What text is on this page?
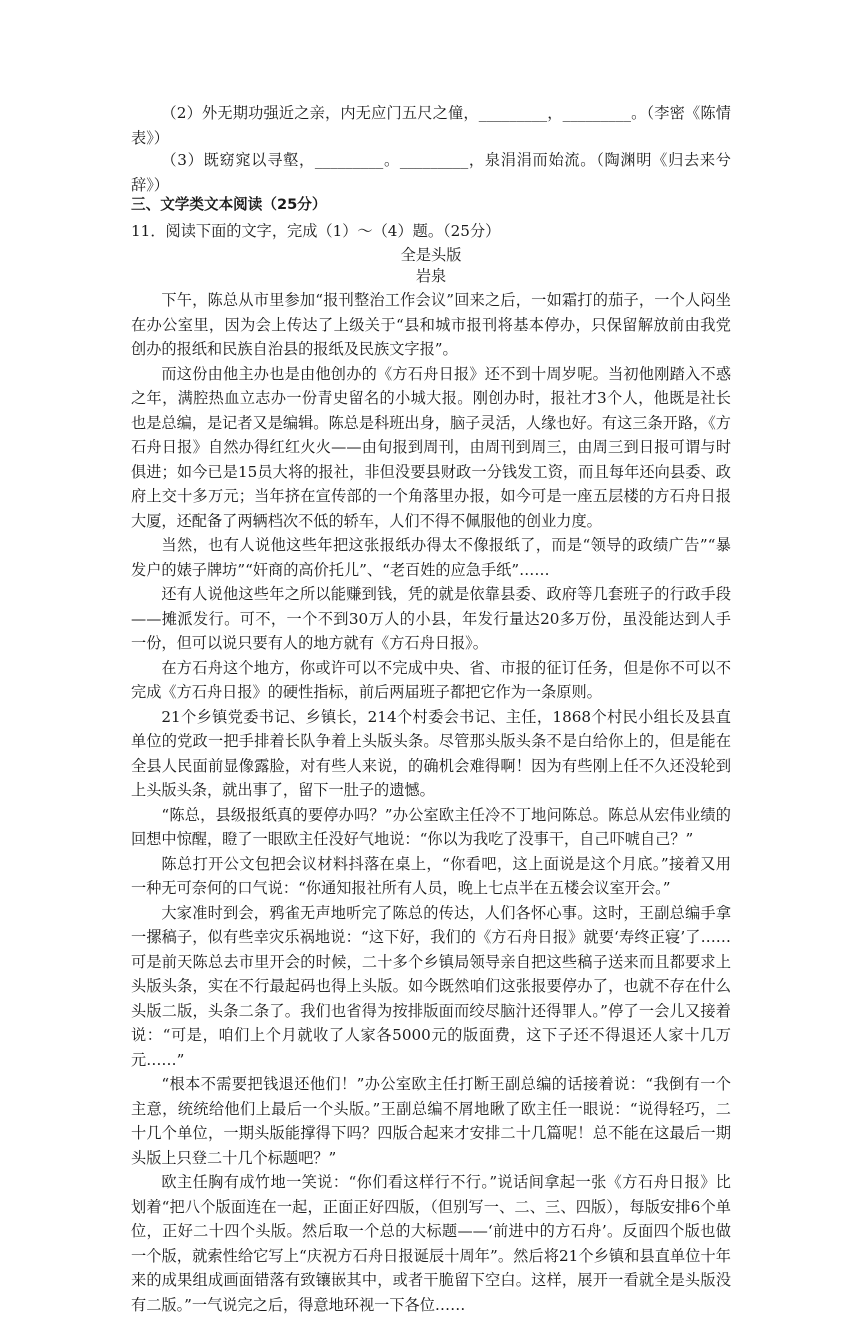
（2）外无期功强近之亲，内无应门五尺之僮，_________，_________。（李密《陈情表》）

（3）既窈窕以寻壑，_________。_________，泉涓涓而始流。（陶渊明《归去来兮辞》）

三、文学类文本阅读（25分）
11．阅读下面的文字，完成（1）～（4）题。（25分）
全是头版
岩泉

下午，陈总从市里参加“报刊整治工作会议”回来之后，一如霜打的茄子，一个人闷坐在办公室里，因为会上传达了上级关于“县和城市报刊将基本停办，只保留解放前由我党创办的报纸和民族自治县的报纸及民族文字报”。

而这份由他主办也是由他创办的《方石舟日报》还不到十周岁呢。当初他刚踏入不惑之年，满腔热血立志办一份青史留名的小城大报。刚创办时，报社才3个人，他既是社长也是总编，是记者又是编辑。陈总是科班出身，脑子灵活，人缘也好。有这三条开路，《方石舟日报》自然办得红红火火——由旬报到周刊，由周刊到周三，由周三到日报可谓与时俱进；如今已是15员大将的报社，非但没要县财政一分钱发工资，而且每年还向县委、政府上交十多万元；当年挤在宣传部的一个角落里办报，如今可是一座五层楼的方石舟日报大厦，还配备了两辆档次不低的轿车，人们不得不佩服他的创业力度。

当然，也有人说他这些年把这张报纸办得太不像报纸了，而是“领导的政绩广告”“暴发户的婊子牌坊”“奸商的高价托儿”、“老百姓的应急手纸”……

还有人说他这些年之所以能赚到钱，凭的就是依靠县委、政府等几套班子的行政手段——摊派发行。可不，一个不到30万人的小县，年发行量达20多万份，虽没能达到人手一份，但可以说只要有人的地方就有《方石舟日报》。

在方石舟这个地方，你或许可以不完成中央、省、市报的征订任务，但是你不可以不完成《方石舟日报》的硬性指标，前后两届班子都把它作为一条原则。

21个乡镇党委书记、乡镇长，214个村委会书记、主任，1868个村民小组长及县直单位的党政一把手排着长队争着上头版头条。尽管那头版头条不是白给你上的，但是能在全县人民面前显像露脸，对有些人来说，的确机会难得啊！因为有些刚上任不久还没轮到上头版头条，就出事了，留下一肚子的遗憾。

“陈总，县级报纸真的要停办吗？”办公室欧主任冷不丁地问陈总。陈总从宏伟业绩的回想中惊醒，瞪了一眼欧主任没好气地说：“你以为我吃了没事干，自己吓唬自己？”

陈总打开公文包把会议材料抖落在桌上，“你看吧，这上面说是这个月底。”接着又用一种无可奈何的口气说：“你通知报社所有人员，晚上七点半在五楼会议室开会。”

大家准时到会，鸦雀无声地听完了陈总的传达，人们各怀心事。这时，王副总编手拿一摞稿子，似有些幸灾乐祸地说：“这下好，我们的《方石舟日报》就要‘寿终正寝’了……可是前天陈总去市里开会的时候，二十多个乡镇局领导亲自把这些稿子送来而且都要求上头版头条，实在不行最起码也得上头版。如今既然咱们这张报要停办了，也就不存在什么头版二版，头条二条了。我们也省得为按排版面而绞尽脑汁还得罪人。”停了一会儿又接着说：“可是，咱们上个月就收了人家各5000元的版面费，这下子还不得退还人家十几万元……”

“根本不需要把钱退还他们！”办公室欧主任打断王副总编的话接着说：“我倒有一个主意，统统给他们上最后一个头版。”王副总编不屑地瞅了欧主任一眼说：“说得轻巧，二十几个单位，一期头版能撑得下吗？四版合起来才安排二十几篇呢！总不能在这最后一期头版上只登二十几个标题吧？”

欧主任胸有成竹地一笑说：“你们看这样行不行。”说话间拿起一张《方石舟日报》比划着“把八个版面连在一起，正面正好四版，（但别写一、二、三、四版），每版安排6个单位，正好二十四个头版。然后取一个总的大标题——‘前进中的方石舟’。反面四个版也做一个版，就索性给它写上“庆祝方石舟日报诞辰十周年”。然后将21个乡镇和县直单位十年来的成果组成画面错落有致镶嵌其中，或者干脆留下空白。这样，展开一看就全是头版没有二版。”一气说完之后，得意地环视一下各位……
